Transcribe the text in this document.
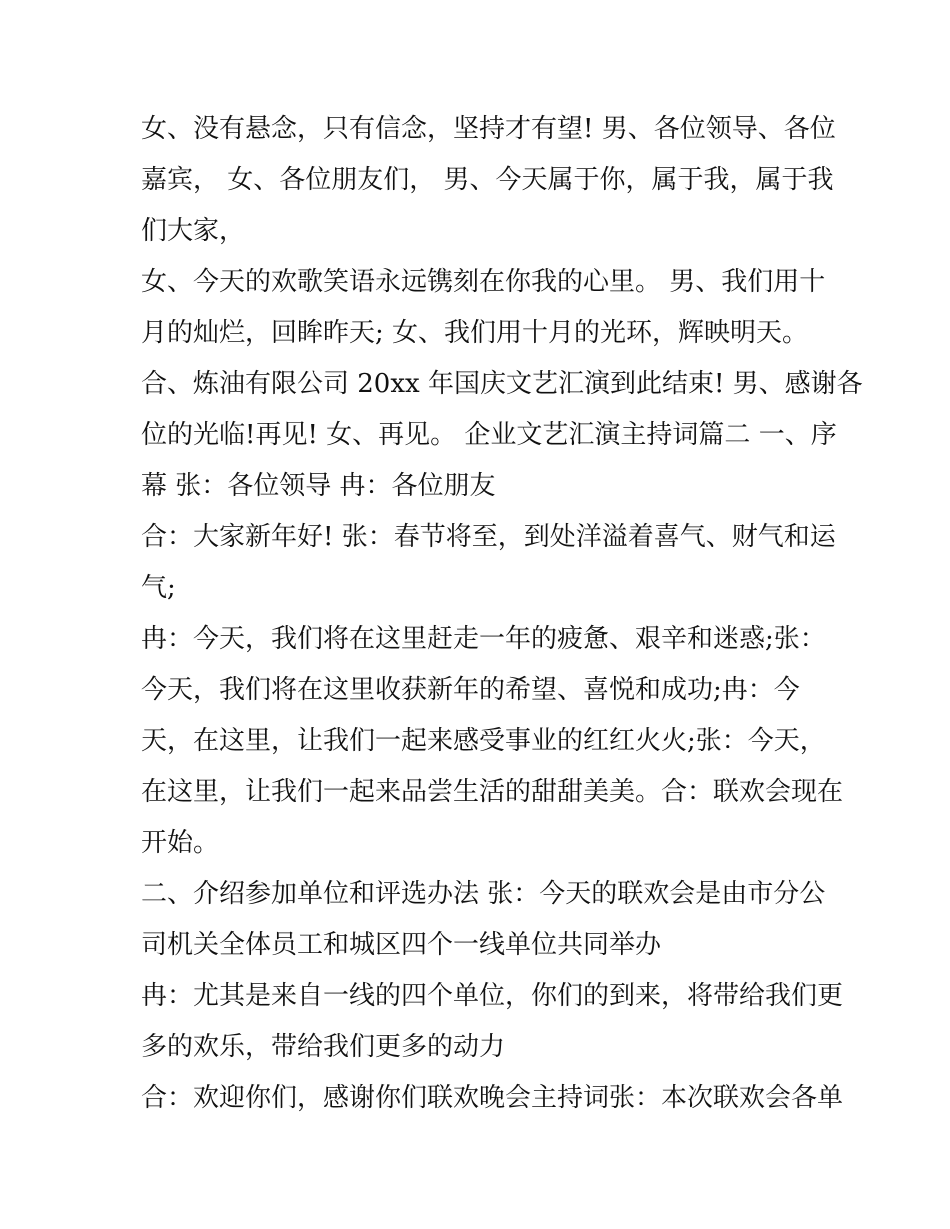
女、没有悬念，只有信念，坚持才有望! 男、各位领导、各位
嘉宾， 女、各位朋友们， 男、今天属于你，属于我，属于我
们大家，
女、今天的欢歌笑语永远镌刻在你我的心里。 男、我们用十
月的灿烂，回眸昨天; 女、我们用十月的光环，辉映明天。
合、炼油有限公司 20xx 年国庆文艺汇演到此结束! 男、感谢各
位的光临!再见! 女、再见。 企业文艺汇演主持词篇二 一、序
幕 张：各位领导 冉：各位朋友
合：大家新年好! 张：春节将至，到处洋溢着喜气、财气和运
气;
冉：今天，我们将在这里赶走一年的疲惫、艰辛和迷惑;张：
今天，我们将在这里收获新年的希望、喜悦和成功;冉：今
天，在这里，让我们一起来感受事业的红红火火;张：今天，
在这里，让我们一起来品尝生活的甜甜美美。合：联欢会现在
开始。
二、介绍参加单位和评选办法 张：今天的联欢会是由市分公
司机关全体员工和城区四个一线单位共同举办
冉：尤其是来自一线的四个单位，你们的到来，将带给我们更
多的欢乐，带给我们更多的动力
合：欢迎你们，感谢你们联欢晚会主持词张：本次联欢会各单
